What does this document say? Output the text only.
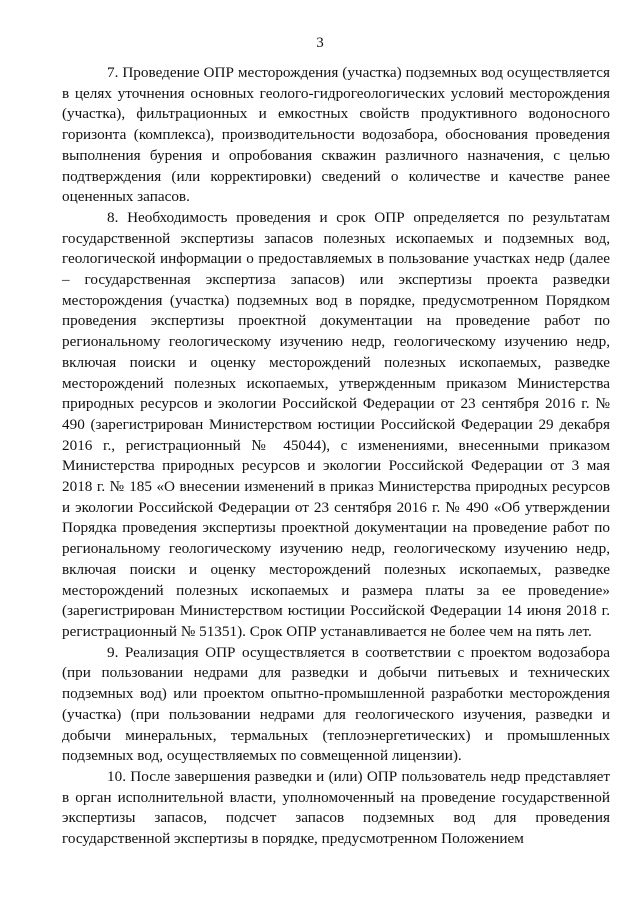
3

7. Проведение ОПР месторождения (участка) подземных вод осуществляется в целях уточнения основных геолого-гидрогеологических условий месторождения (участка), фильтрационных и емкостных свойств продуктивного водоносного горизонта (комплекса), производительности водозабора, обоснования проведения выполнения бурения и опробования скважин различного назначения, с целью подтверждения (или корректировки) сведений о количестве и качестве ранее оцененных запасов.

8. Необходимость проведения и срок ОПР определяется по результатам государственной экспертизы запасов полезных ископаемых и подземных вод, геологической информации о предоставляемых в пользование участках недр (далее – государственная экспертиза запасов) или экспертизы проекта разведки месторождения (участка) подземных вод в порядке, предусмотренном Порядком проведения экспертизы проектной документации на проведение работ по региональному геологическому изучению недр, геологическому изучению недр, включая поиски и оценку месторождений полезных ископаемых, разведке месторождений полезных ископаемых, утвержденным приказом Министерства природных ресурсов и экологии Российской Федерации от 23 сентября 2016 г. № 490 (зарегистрирован Министерством юстиции Российской Федерации 29 декабря 2016 г., регистрационный № 45044), с изменениями, внесенными приказом Министерства природных ресурсов и экологии Российской Федерации от 3 мая 2018 г. № 185 «О внесении изменений в приказ Министерства природных ресурсов и экологии Российской Федерации от 23 сентября 2016 г. № 490 «Об утверждении Порядка проведения экспертизы проектной документации на проведение работ по региональному геологическому изучению недр, геологическому изучению недр, включая поиски и оценку месторождений полезных ископаемых, разведке месторождений полезных ископаемых и размера платы за ее проведение» (зарегистрирован Министерством юстиции Российской Федерации 14 июня 2018 г. регистрационный № 51351). Срок ОПР устанавливается не более чем на пять лет.

9. Реализация ОПР осуществляется в соответствии с проектом водозабора (при пользовании недрами для разведки и добычи питьевых и технических подземных вод) или проектом опытно-промышленной разработки месторождения (участка) (при пользовании недрами для геологического изучения, разведки и добычи минеральных, термальных (теплоэнергетических) и промышленных подземных вод, осуществляемых по совмещенной лицензии).

10. После завершения разведки и (или) ОПР пользователь недр представляет в орган исполнительной власти, уполномоченный на проведение государственной экспертизы запасов, подсчет запасов подземных вод для проведения государственной экспертизы в порядке, предусмотренном Положением
